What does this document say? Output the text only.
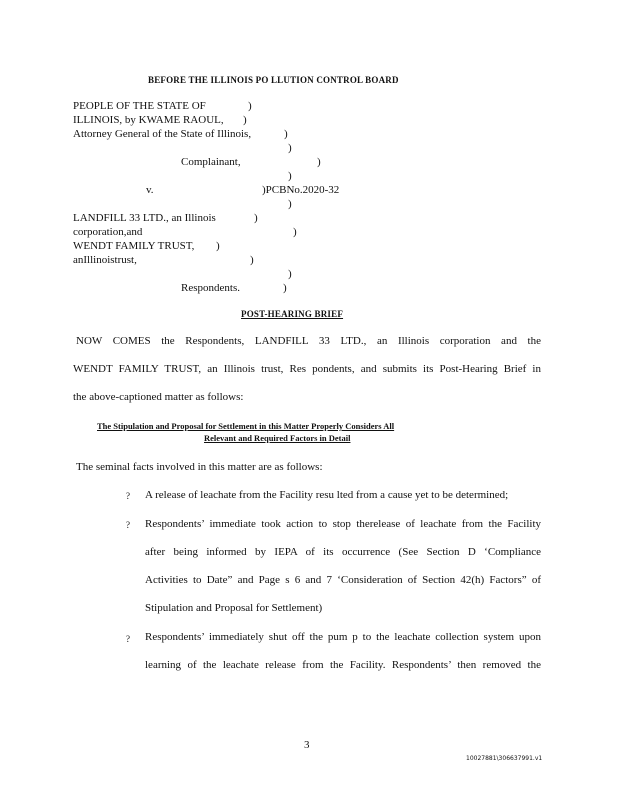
BEFORE THE ILLINOIS PO LLUTION CONTROL BOARD
PEOPLE OF THE STATE OF	)
ILLINOIS, by KWAME RAOUL, )
Attorney General of the State of Illinois,	)
)
Complainant,	)
)
v.	)PCBNo.2020-32
)
LANDFILL 33 LTD., an Illinois	)
corporation,and	)
WENDT FAMILY TRUST, )
anIllinoistrust,	)
)
Respondents.	)
POST-HEARING BRIEF
NOW COMES the Respondents, LANDFILL 33 LTD., an Illinois corporation and the
WENDT FAMILY TRUST, an Illinois trust, Res pondents, and submits its Post-Hearing Brief in
the above-captioned matter as follows:
The Stipulation and Proposal for Settlement in this Matter Properly Considers All
Relevant and Required Factors in Detail
The seminal facts involved in this matter are as follows:
? A release of leachate from the Facility resu lted from a cause yet to be determined;
? Respondents’ immediate took action to stop therelease of leachate from the Facility
after being informed by IEPA of its occurrence (See Section D ‘Compliance
Activities to Date” and Page s 6 and 7 ‘Consideration of Section 42(h) Factors” of
Stipulation and Proposal for Settlement)
? Respondents’ immediately shut off the pum p to the leachate collection system upon
learning of the leachate release from the Facility. Respondents’ then removed the
3
10027881\306637991.v1
